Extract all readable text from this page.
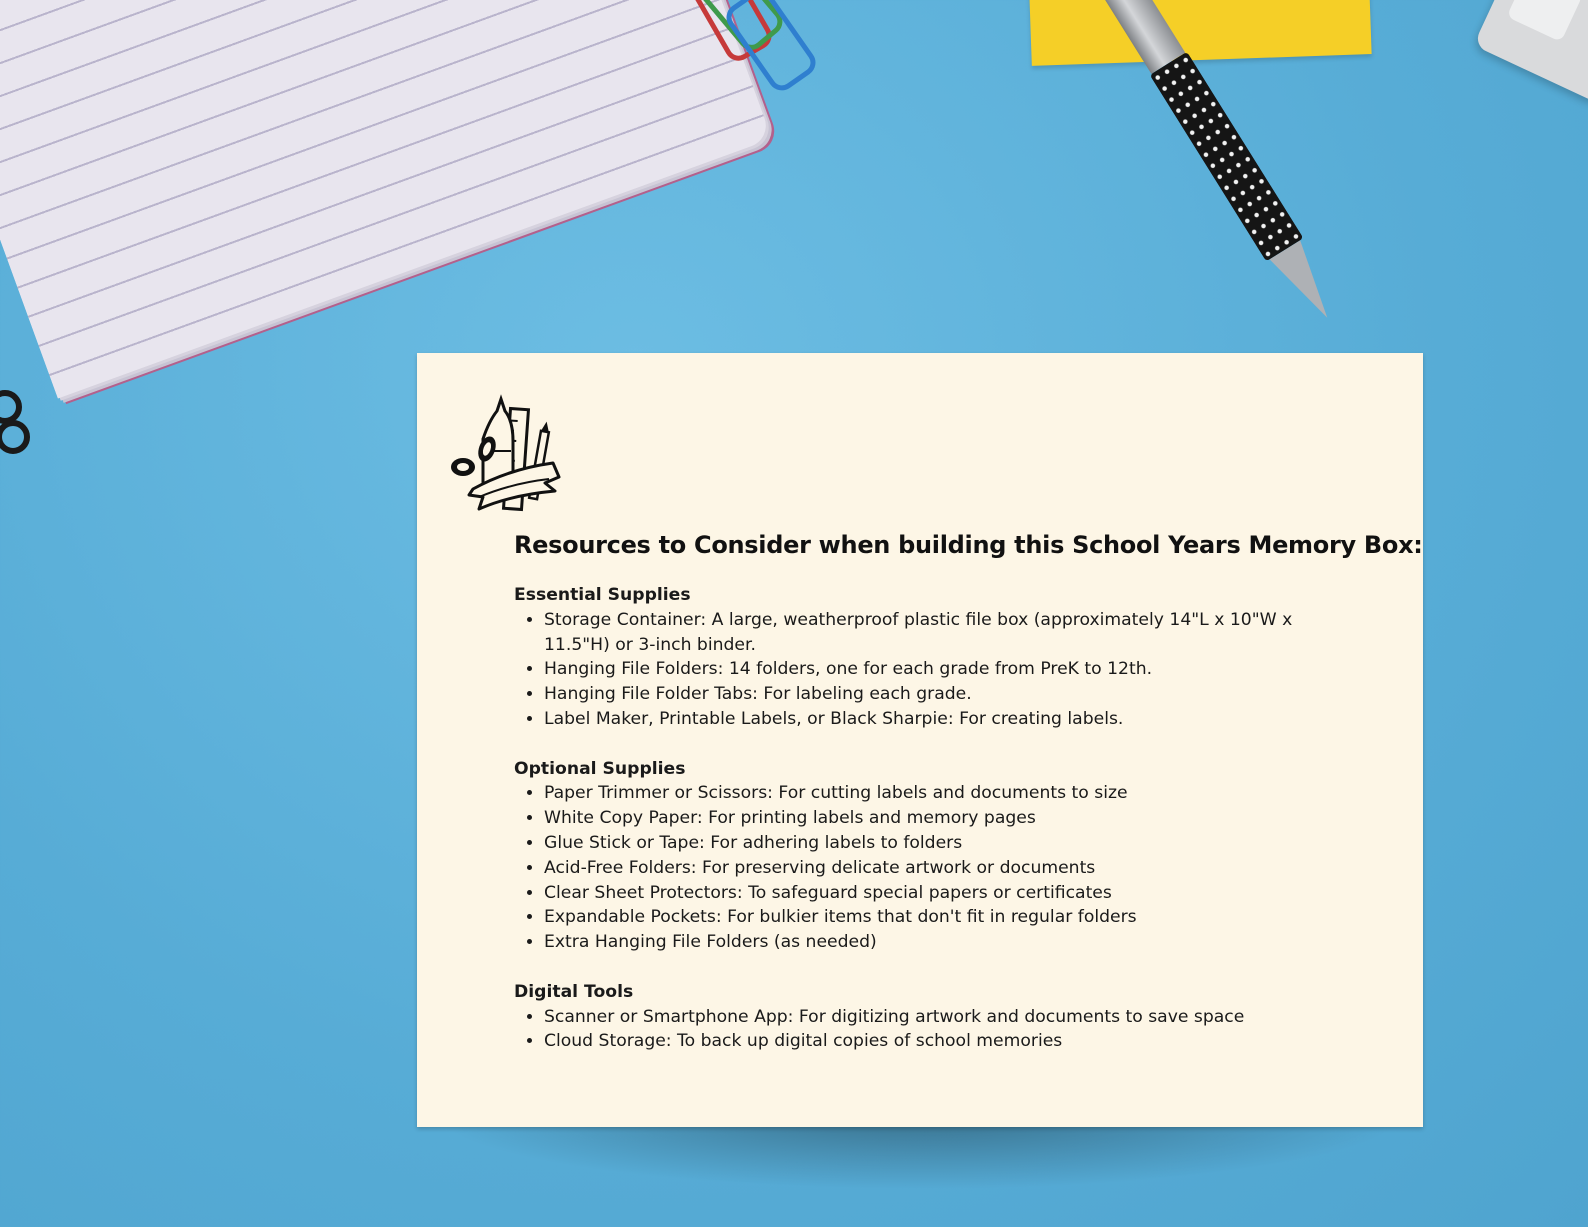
Resources to Consider when building this School Years Memory Box:

Essential Supplies

• Storage Container: A large, weatherproof plastic file box (approximately 14"L x 10"W x 11.5"H) or 3-inch binder.
• Hanging File Folders: 14 folders, one for each grade from PreK to 12th.
• Hanging File Folder Tabs: For labeling each grade.
• Label Maker, Printable Labels, or Black Sharpie: For creating labels.

Optional Supplies

• Paper Trimmer or Scissors: For cutting labels and documents to size
• White Copy Paper: For printing labels and memory pages
• Glue Stick or Tape: For adhering labels to folders
• Acid-Free Folders: For preserving delicate artwork or documents
• Clear Sheet Protectors: To safeguard special papers or certificates
• Expandable Pockets: For bulkier items that don't fit in regular folders
• Extra Hanging File Folders (as needed)

Digital Tools

• Scanner or Smartphone App: For digitizing artwork and documents to save space
• Cloud Storage: To back up digital copies of school memories
